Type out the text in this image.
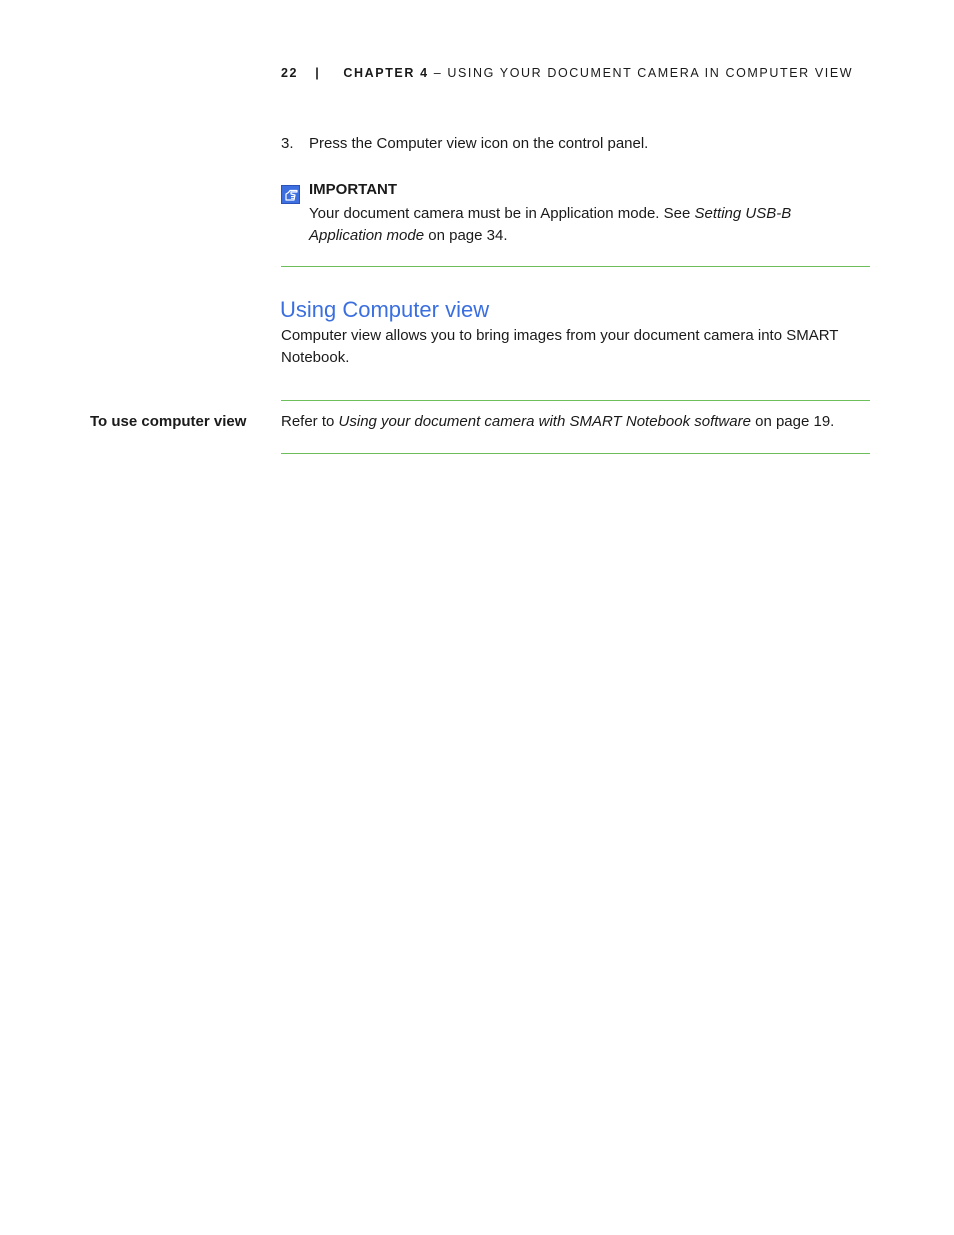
22 | CHAPTER 4 – USING YOUR DOCUMENT CAMERA IN COMPUTER VIEW
3. Press the Computer view icon on the control panel.
IMPORTANT
Your document camera must be in Application mode. See Setting USB-B Application mode on page 34.
Using Computer view
Computer view allows you to bring images from your document camera into SMART Notebook.
To use computer view Refer to Using your document camera with SMART Notebook software on page 19.
